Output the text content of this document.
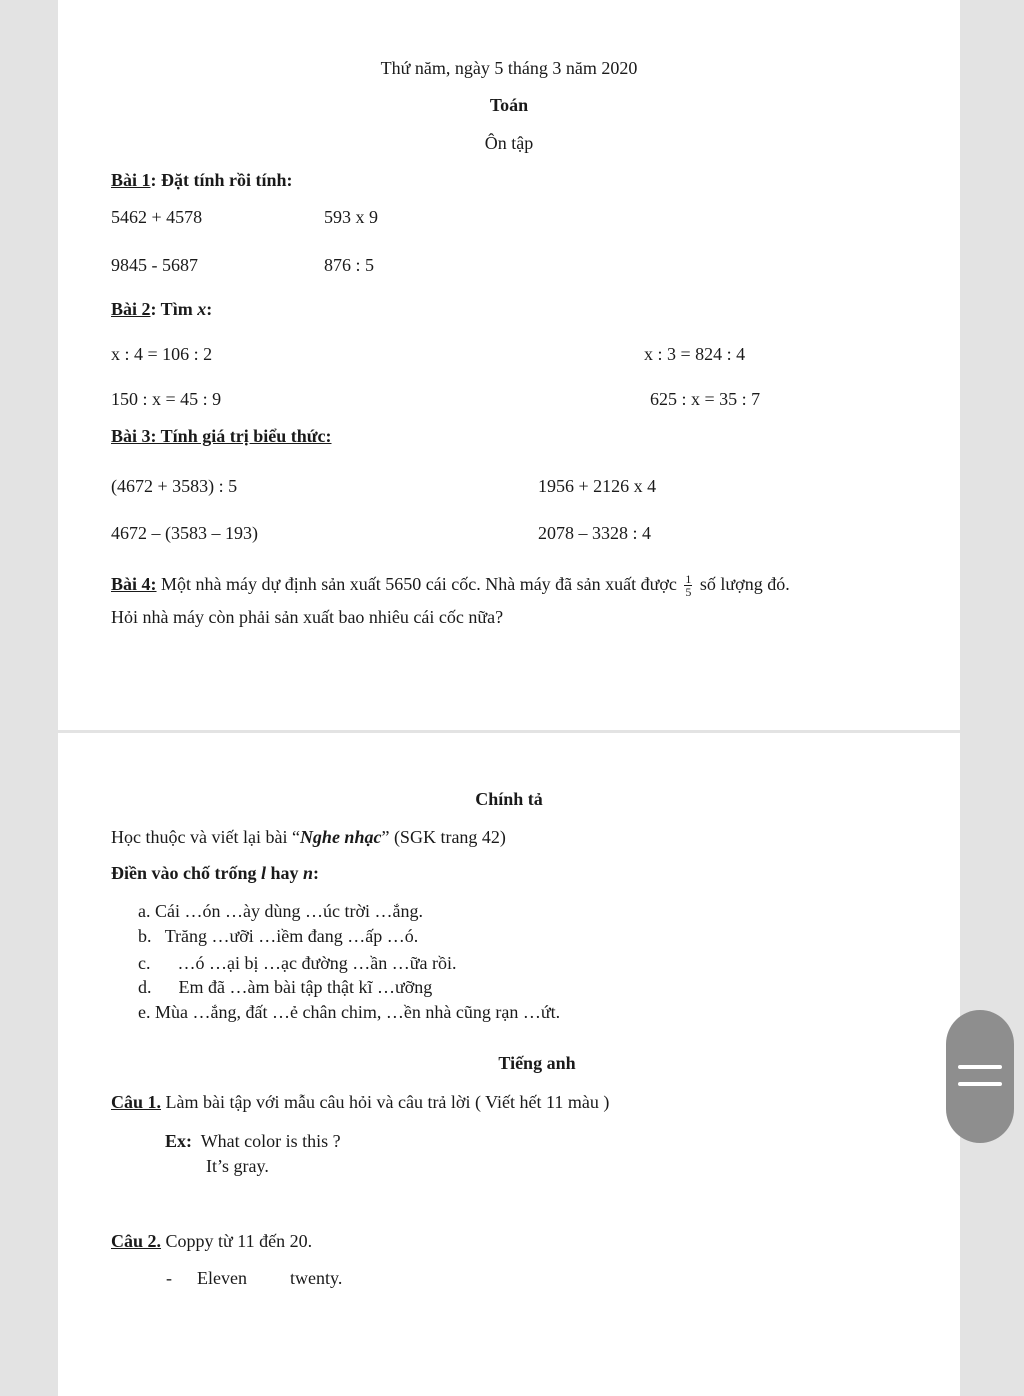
Thứ năm, ngày 5 tháng 3 năm 2020
Toán
Ôn tập
Bài 1: Đặt tính rồi tính:
5462 + 4578	593 x 9
9845 - 5687	876 : 5
Bài 2: Tìm x:
x : 4 = 106 : 2	x : 3 = 824 : 4
150 : x = 45 : 9	625 : x = 35 : 7
Bài 3: Tính giá trị biểu thức:
(4672 + 3583) : 5	1956 + 2126 x 4
4672 – (3583 – 193)	2078 – 3328 : 4
Bài 4: Một nhà máy dự định sản xuất 5650 cái cốc. Nhà máy đã sản xuất được $\frac{1}{5}$ số lượng đó.
Hỏi nhà máy còn phải sản xuất bao nhiêu cái cốc nữa?
Chính tả
Học thuộc và viết lại bài “Nghe nhạc” (SGK trang 42)
Điền vào chố trống l hay n:
a. Cái …ón …ày dùng …úc trời …ắng.
b. Trăng …ưỡi …iềm đang …ấp …ó.
c. …ó …ại bị …ạc đường …ần …ữa rồi.
d. Em đã …àm bài tập thật kĩ …ưỡng
e. Mùa …ắng, đất …ẻ chân chim, …ền nhà cũng rạn …ứt.
Tiếng anh
Câu 1. Làm bài tập với mẫu câu hỏi và câu trả lời ( Viết hết 11 màu )
Ex: What color is this ?
It’s gray.
Câu 2. Coppy từ 11 đến 20.
- Eleven twenty.
